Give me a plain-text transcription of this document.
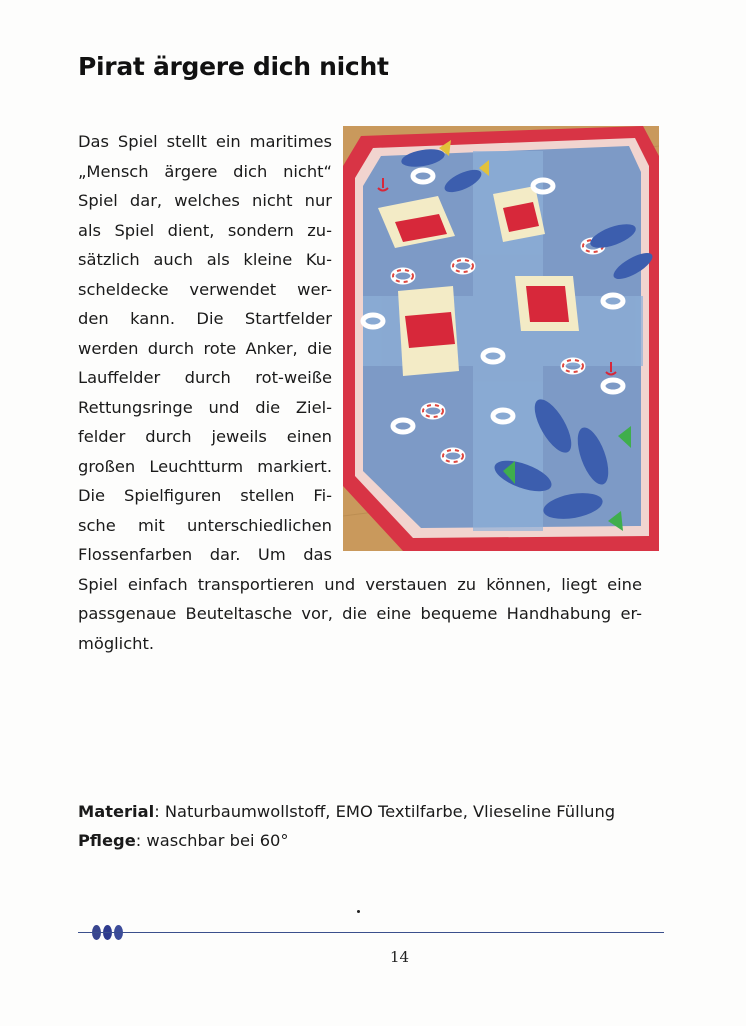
Pirat ärgere dich nicht

Das Spiel stellt ein maritimes
„Mensch ärgere dich nicht“
Spiel dar, welches nicht nur
als Spiel dient, sondern zu-
sätzlich auch als kleine Ku-
scheldecke verwendet wer-
den kann. Die Startfelder
werden durch rote Anker, die
Lauffelder durch rot-weiße
Rettungsringe und die Ziel-
felder durch jeweils einen
großen Leuchtturm markiert.
Die Spielfiguren stellen Fi-
sche mit unterschiedlichen
Flossenfarben dar. Um das
Spiel einfach transportieren und verstauen zu können, liegt eine
passgenaue Beuteltasche vor, die eine bequeme Handhabung er-
möglicht.

Material: Naturbaumwollstoff, EMO Textilfarbe, Vlieseline Füllung
Pflege: waschbar bei 60°
14
